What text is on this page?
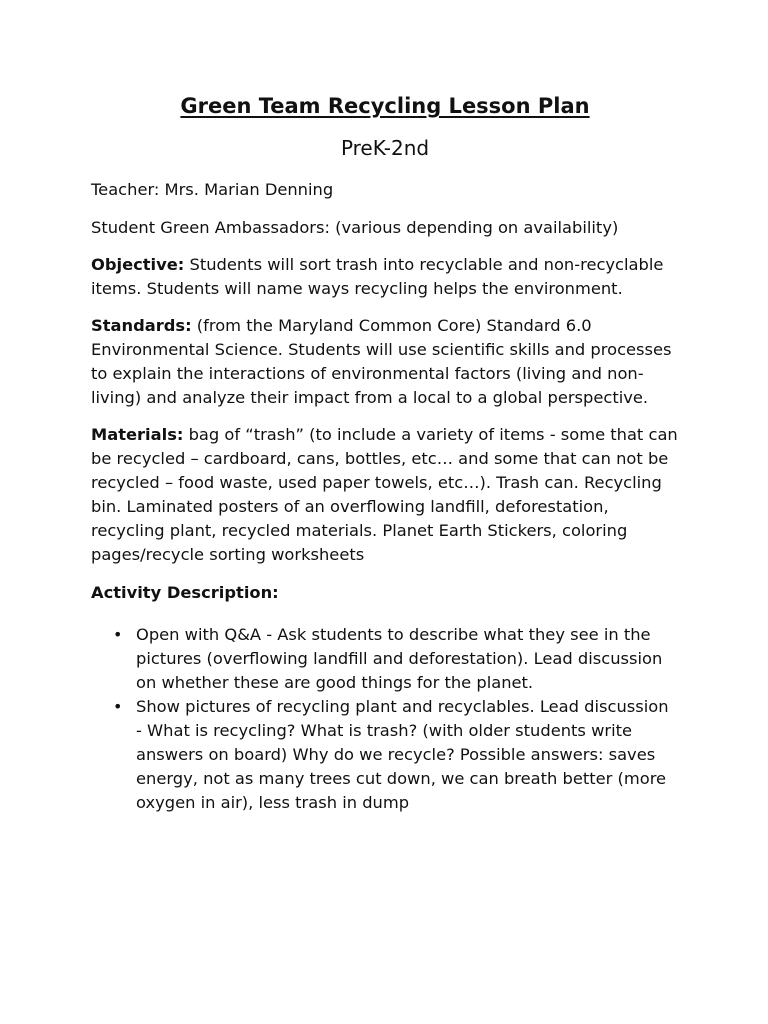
Green Team Recycling Lesson Plan
PreK-2nd

Teacher: Mrs. Marian Denning

Student Green Ambassadors: (various depending on availability)

Objective: Students will sort trash into recyclable and non-recyclable items. Students will name ways recycling helps the environment.

Standards: (from the Maryland Common Core) Standard 6.0 Environmental Science. Students will use scientific skills and processes to explain the interactions of environmental factors (living and non-living) and analyze their impact from a local to a global perspective.

Materials: bag of “trash” (to include a variety of items - some that can be recycled – cardboard, cans, bottles, etc… and some that can not be recycled – food waste, used paper towels, etc…). Trash can. Recycling bin. Laminated posters of an overflowing landfill, deforestation, recycling plant, recycled materials. Planet Earth Stickers, coloring pages/recycle sorting worksheets

Activity Description:

• Open with Q&A - Ask students to describe what they see in the pictures (overflowing landfill and deforestation). Lead discussion on whether these are good things for the planet.
• Show pictures of recycling plant and recyclables. Lead discussion - What is recycling? What is trash? (with older students write answers on board) Why do we recycle? Possible answers: saves energy, not as many trees cut down, we can breath better (more oxygen in air), less trash in dump
